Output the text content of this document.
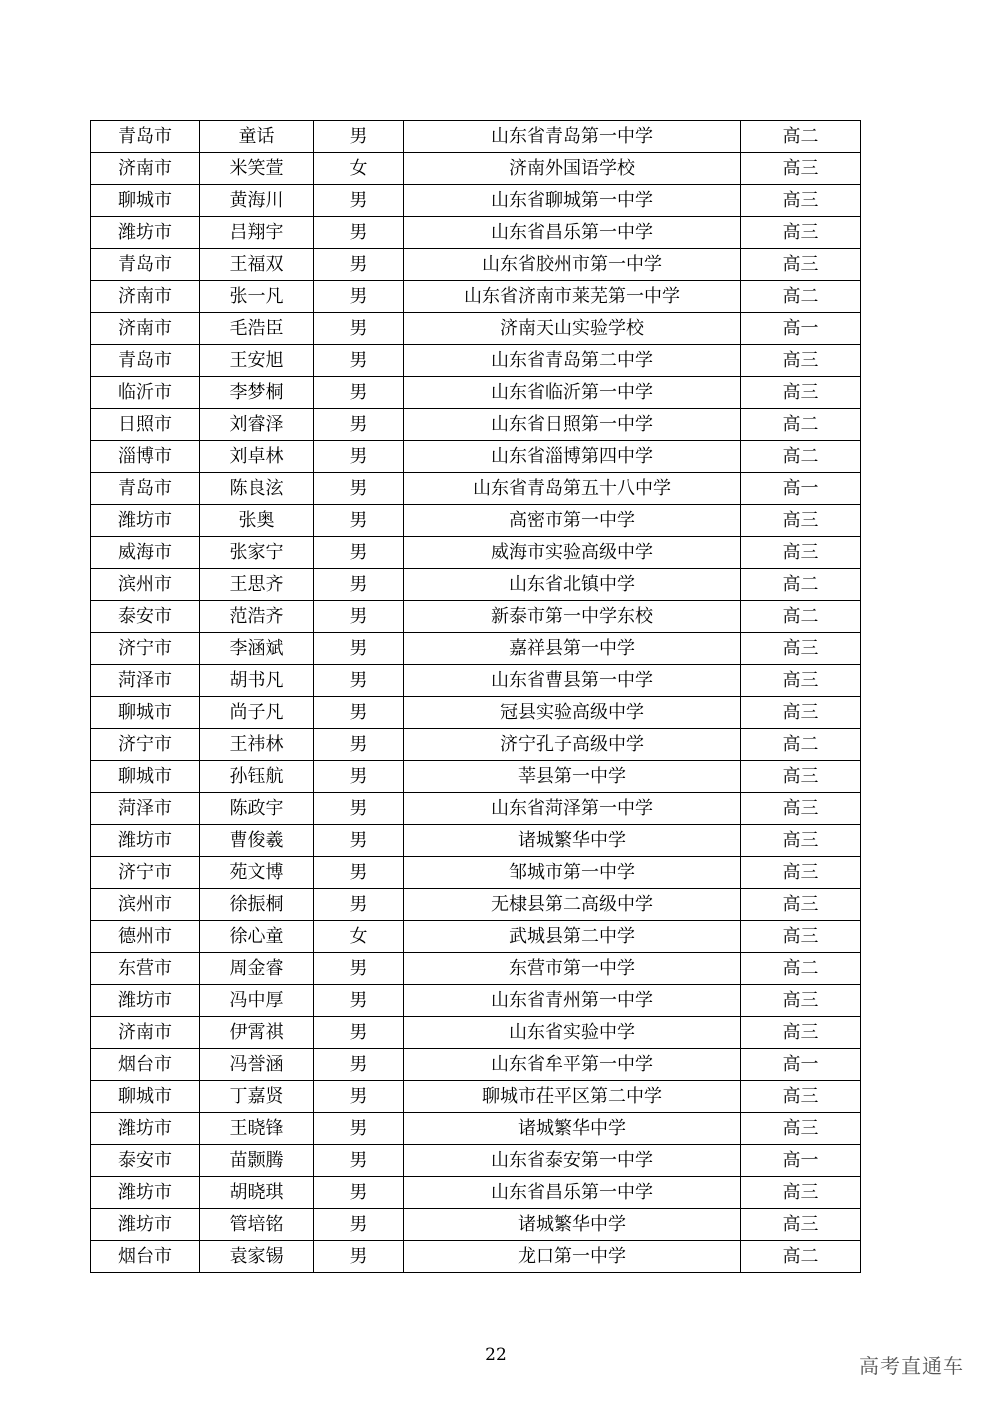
青岛市	童话	男	山东省青岛第一中学	高二
济南市	米笑萱	女	济南外国语学校	高三
聊城市	黄海川	男	山东省聊城第一中学	高三
潍坊市	吕翔宇	男	山东省昌乐第一中学	高三
青岛市	王福双	男	山东省胶州市第一中学	高三
济南市	张一凡	男	山东省济南市莱芜第一中学	高二
济南市	毛浩臣	男	济南天山实验学校	高一
青岛市	王安旭	男	山东省青岛第二中学	高三
临沂市	李梦桐	男	山东省临沂第一中学	高三
日照市	刘睿泽	男	山东省日照第一中学	高二
淄博市	刘卓林	男	山东省淄博第四中学	高二
青岛市	陈良泫	男	山东省青岛第五十八中学	高一
潍坊市	张奥	男	高密市第一中学	高三
威海市	张家宁	男	威海市实验高级中学	高三
滨州市	王思齐	男	山东省北镇中学	高二
泰安市	范浩齐	男	新泰市第一中学东校	高二
济宁市	李涵斌	男	嘉祥县第一中学	高三
菏泽市	胡书凡	男	山东省曹县第一中学	高三
聊城市	尚子凡	男	冠县实验高级中学	高三
济宁市	王祎林	男	济宁孔子高级中学	高二
聊城市	孙钰航	男	莘县第一中学	高三
菏泽市	陈政宇	男	山东省菏泽第一中学	高三
潍坊市	曹俊羲	男	诸城繁华中学	高三
济宁市	苑文博	男	邹城市第一中学	高三
滨州市	徐振桐	男	无棣县第二高级中学	高三
德州市	徐心童	女	武城县第二中学	高三
东营市	周金睿	男	东营市第一中学	高二
潍坊市	冯中厚	男	山东省青州第一中学	高三
济南市	伊霄祺	男	山东省实验中学	高三
烟台市	冯誉涵	男	山东省牟平第一中学	高一
聊城市	丁嘉贤	男	聊城市茌平区第二中学	高三
潍坊市	王晓锋	男	诸城繁华中学	高三
泰安市	苗颢腾	男	山东省泰安第一中学	高一
潍坊市	胡晓琪	男	山东省昌乐第一中学	高三
潍坊市	管培铭	男	诸城繁华中学	高三
烟台市	袁家锡	男	龙口第一中学	高二
22	高考直通车
